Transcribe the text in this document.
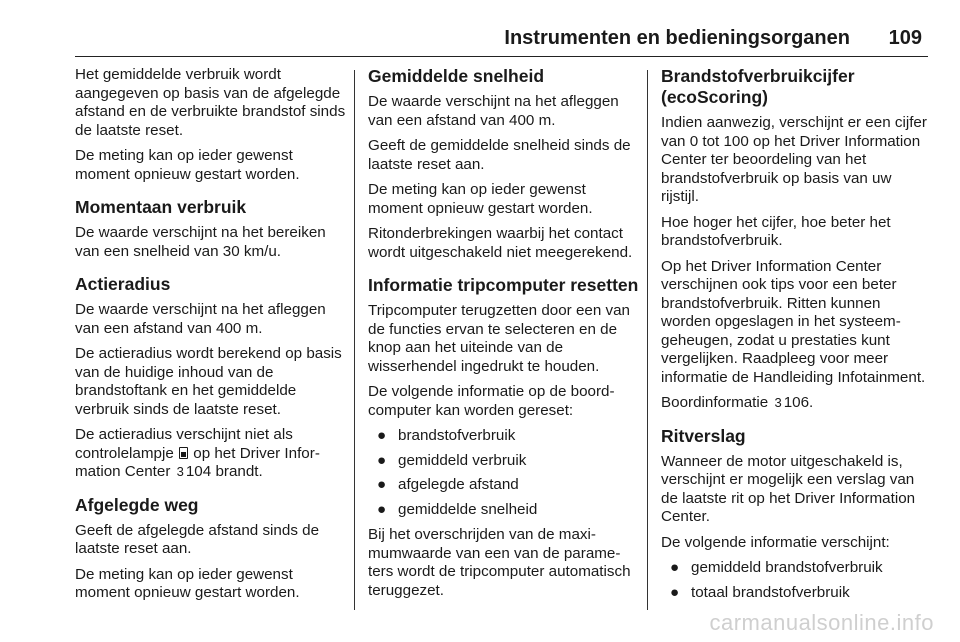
Instrumenten en bedieningsorganen 109

Het gemiddelde verbruik wordt aangegeven op basis van de afgelegde afstand en de verbruikte brandstof sinds de laatste reset.

De meting kan op ieder gewenst moment opnieuw gestart worden.

Momentaan verbruik

De waarde verschijnt na het bereiken van een snelheid van 30 km/u.

Actieradius

De waarde verschijnt na het afleggen van een afstand van 400 m.

De actieradius wordt berekend op basis van de huidige inhoud van de brandstoftank en het gemiddelde verbruik sinds de laatste reset.

De actieradius verschijnt niet als controlelampje op het Driver Information Center 3 104 brandt.

Afgelegde weg

Geeft de afgelegde afstand sinds de laatste reset aan.

De meting kan op ieder gewenst moment opnieuw gestart worden.

Gemiddelde snelheid

De waarde verschijnt na het afleggen van een afstand van 400 m.

Geeft de gemiddelde snelheid sinds de laatste reset aan.

De meting kan op ieder gewenst moment opnieuw gestart worden.

Ritonderbrekingen waarbij het contact wordt uitgeschakeld niet meegerekend.

Informatie tripcomputer resetten

Tripcomputer terugzetten door een van de functies ervan te selecteren en de knop aan het uiteinde van de wisserhendel ingedrukt te houden.

De volgende informatie op de boordcomputer kan worden gereset:

● brandstofverbruik
● gemiddeld verbruik
● afgelegde afstand
● gemiddelde snelheid

Bij het overschrijden van de maximumwaarde van een van de parameters wordt de tripcomputer automatisch teruggezet.

Brandstofverbruikcijfer (ecoScoring)

Indien aanwezig, verschijnt er een cijfer van 0 tot 100 op het Driver Information Center ter beoordeling van het brandstofverbruik op basis van uw rijstijl.

Hoe hoger het cijfer, hoe beter het brandstofverbruik.

Op het Driver Information Center verschijnen ook tips voor een beter brandstofverbruik. Ritten kunnen worden opgeslagen in het systeemgeheugen, zodat u prestaties kunt vergelijken. Raadpleeg voor meer informatie de Handleiding Infotainment.

Boordinformatie 3 106.

Ritverslag

Wanneer de motor uitgeschakeld is, verschijnt er mogelijk een verslag van de laatste rit op het Driver Information Center.

De volgende informatie verschijnt:

● gemiddeld brandstofverbruik
● totaal brandstofverbruik
carmanualsonline.info
